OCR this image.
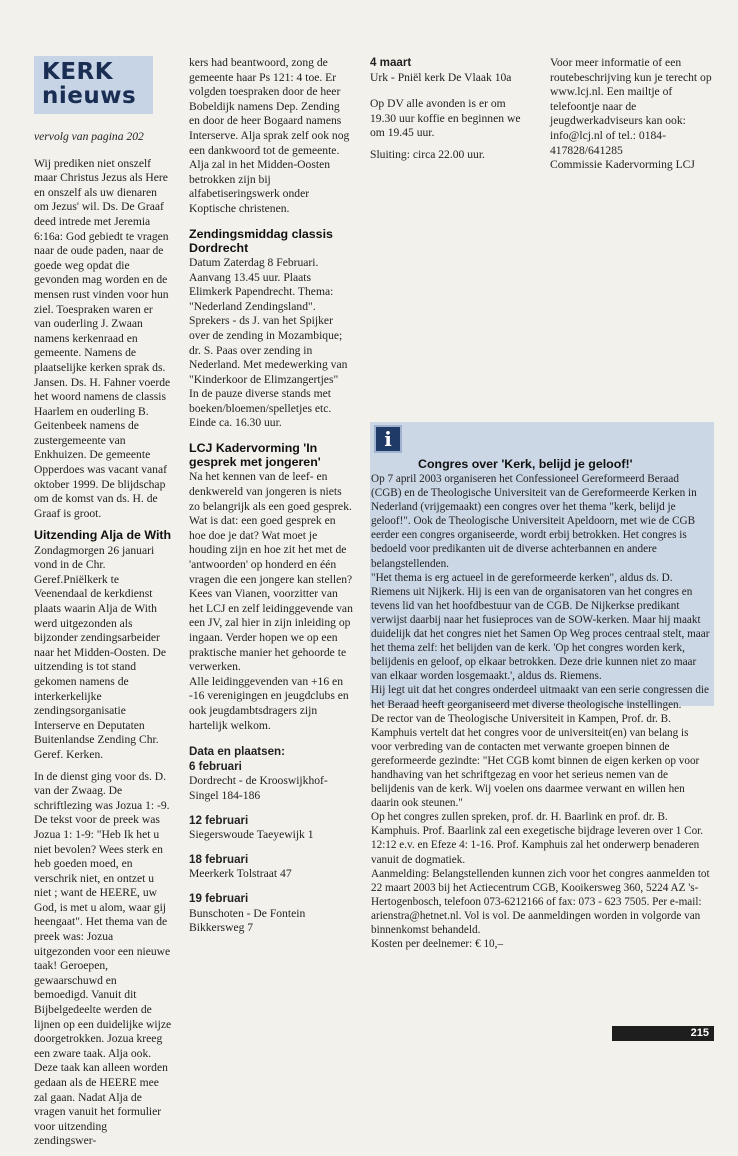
KERK
nieuws

vervolg van pagina 202

Wij prediken niet onszelf maar Christus Jezus als Here en onszelf als uw dienaren om Jezus' wil. Ds. De Graaf deed intrede met Jeremia 6:16a: God gebiedt te vragen naar de oude paden, naar de goede weg opdat die gevonden mag worden en de mensen rust vinden voor hun ziel. Toespraken waren er van ouderling J. Zwaan namens kerkenraad en gemeente. Namens de plaatselijke kerken sprak ds. Jansen. Ds. H. Fahner voerde het woord namens de classis Haarlem en ouderling B. Geitenbeek namens de zustergemeente van Enkhuizen. De gemeente Opperdoes was vacant vanaf oktober 1999. De blijdschap om de komst van ds. H. de Graaf is groot.

Uitzending Alja de With

Zondagmorgen 26 januari vond in de Chr. Geref.Pniëlkerk te Veenendaal de kerkdienst plaats waarin Alja de With werd uitgezonden als bijzonder zendingsarbeider naar het Midden-Oosten. De uitzending is tot stand gekomen namens de interkerkelijke zendingsorganisatie Interserve en Deputaten Buitenlandse Zending Chr. Geref. Kerken.

In de dienst ging voor ds. D. van der Zwaag. De schriftlezing was Jozua 1: -9. De tekst voor de preek was Jozua 1: 1-9: "Heb Ik het u niet bevolen? Wees sterk en heb goeden moed, en verschrik niet, en ontzet u niet ; want de HEERE, uw God, is met u alom, waar gij heengaat". Het thema van de preek was: Jozua uitgezonden voor een nieuwe taak! Geroepen, gewaarschuwd en bemoedigd. Vanuit dit Bijbelgedeelte werden de lijnen op een duidelijke wijze doorgetrokken. Jozua kreeg een zware taak. Alja ook. Deze taak kan alleen worden gedaan als de HEERE mee zal gaan. Nadat Alja de vragen vanuit het formulier voor uitzending zendingswer-

kers had beantwoord, zong de gemeente haar Ps 121: 4 toe. Er volgden toespraken door de heer Bobeldijk namens Dep. Zending en door de heer Bogaard namens Interserve. Alja sprak zelf ook nog een dankwoord tot de gemeente. Alja zal in het Midden-Oosten betrokken zijn bij alfabetiseringswerk onder Koptische christenen.

Zendingsmiddag classis Dordrecht

Datum Zaterdag 8 Februari. Aanvang 13.45 uur. Plaats Elimkerk Papendrecht. Thema: "Nederland Zendingsland". Sprekers - ds J. van het Spijker over de zending in Mozambique; dr. S. Paas over zending in Nederland. Met medewerking van "Kinderkoor de Elimzangertjes"

In de pauze diverse stands met boeken/bloemen/spelletjes etc. Einde ca. 16.30 uur.

LCJ Kadervorming 'In gesprek met jongeren'

Na het kennen van de leef- en denkwereld van jongeren is niets zo belangrijk als een goed gesprek.

Wat is dat: een goed gesprek en hoe doe je dat? Wat moet je houding zijn en hoe zit het met de 'antwoorden' op honderd en één vragen die een jongere kan stellen?

Kees van Vianen, voorzitter van het LCJ en zelf leidinggevende van een JV, zal hier in zijn inleiding op ingaan. Verder hopen we op een praktische manier het gehoorde te verwerken.

Alle leidinggevenden van +16 en -16 verenigingen en jeugdclubs en ook jeugdambtsdragers zijn hartelijk welkom.

Data en plaatsen:
6 februari

Dordrecht - de Krooswijkhof-Singel 184-186

12 februari

Siegerswoude Taeyewijk 1

18 februari

Meerkerk Tolstraat 47

19 februari

Bunschoten - De Fontein Bikkersweg 7

4 maart

Urk - Pniël kerk De Vlaak 10a

Op DV alle avonden is er om 19.30 uur koffie en beginnen we om 19.45 uur.

Sluiting: circa 22.00 uur.

Voor meer informatie of een routebeschrijving kun je terecht op www.lcj.nl. Een mailtje of telefoontje naar de jeugdwerkadviseurs kan ook: info@lcj.nl of tel.: 0184-417828/641285

Commissie Kadervorming LCJ

i
Congres over 'Kerk, belijd je geloof!'

Op 7 april 2003 organiseren het Confessioneel Gereformeerd Beraad (CGB) en de Theologische Universiteit van de Gereformeerde Kerken in Nederland (vrijgemaakt) een congres over het thema "kerk, belijd je geloof!". Ook de Theologische Universiteit Apeldoorn, met wie de CGB eerder een congres organiseerde, wordt erbij betrokken. Het congres is bedoeld voor predikanten uit de diverse achterbannen en andere belangstellenden.

"Het thema is erg actueel in de gereformeerde kerken", aldus ds. D. Riemens uit Nijkerk. Hij is een van de organisatoren van het congres en tevens lid van het hoofdbestuur van de CGB. De Nijkerkse predikant verwijst daarbij naar het fusieproces van de SOW-kerken. Maar hij maakt duidelijk dat het congres niet het Samen Op Weg proces centraal stelt, maar het thema zelf: het belijden van de kerk. 'Op het congres worden kerk, belijdenis en geloof, op elkaar betrokken. Deze drie kunnen niet zo maar van elkaar worden losgemaakt.', aldus ds. Riemens.

Hij legt uit dat het congres onderdeel uitmaakt van een serie congressen die het Beraad heeft georganiseerd met diverse theologische instellingen.

De rector van de Theologische Universiteit in Kampen, Prof. dr. B. Kamphuis vertelt dat het congres voor de universiteit(en) van belang is voor verbreding van de contacten met verwante groepen binnen de gereformeerde gezindte: "Het CGB komt binnen de eigen kerken op voor handhaving van het schriftgezag en voor het serieus nemen van de belijdenis van de kerk. Wij voelen ons daarmee verwant en willen hen daarin ook steunen."

Op het congres zullen spreken, prof. dr. H. Baarlink en prof. dr. B. Kamphuis. Prof. Baarlink zal een exegetische bijdrage leveren over 1 Cor. 12:12 e.v. en Efeze 4: 1-16. Prof. Kamphuis zal het onderwerp benaderen vanuit de dogmatiek.

Aanmelding: Belangstellenden kunnen zich voor het congres aanmelden tot 22 maart 2003 bij het Actiecentrum CGB, Kooikersweg 360, 5224 AZ 's-Hertogenbosch, telefoon 073-6212166 of fax: 073 - 623 7505. Per e-mail: arienstra@hetnet.nl. Vol is vol. De aanmeldingen worden in volgorde van binnenkomst behandeld.

Kosten per deelnemer: € 10,–

215
